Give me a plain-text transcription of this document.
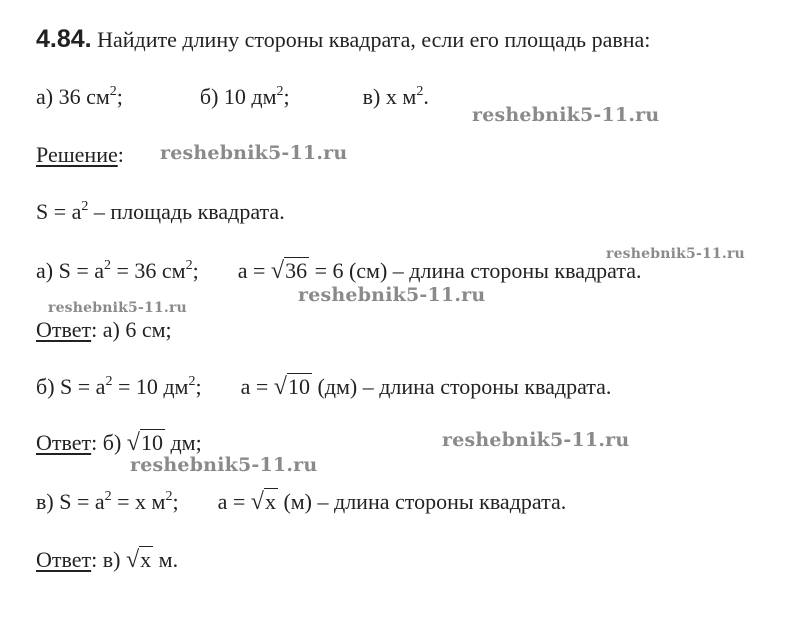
4.84. Найдите длину стороны квадрата, если его площадь равна:
а) 36 $см^2$;	б) 10 $дм^2$;	в) x $м^2$.
Решение:
$S = a^2$ – площадь квадрата.
а) $S = a^2 = 36$ $см^2$; a = √36 = 6 (см) – длина стороны квадрата.
Ответ: а) 6 см;
б) $S = a^2 = 10$ $дм^2$; a = √10 (дм) – длина стороны квадрата.
Ответ: б) √10 дм;
в) $S = a^2 = x$ $м^2$; a = √x (м) – длина стороны квадрата.
Ответ: в) √x м.
reshebnik5-11.ru
reshebnik5-11.ru
reshebnik5-11.ru
reshebnik5-11.ru
reshebnik5-11.ru
reshebnik5-11.ru
reshebnik5-11.ru
